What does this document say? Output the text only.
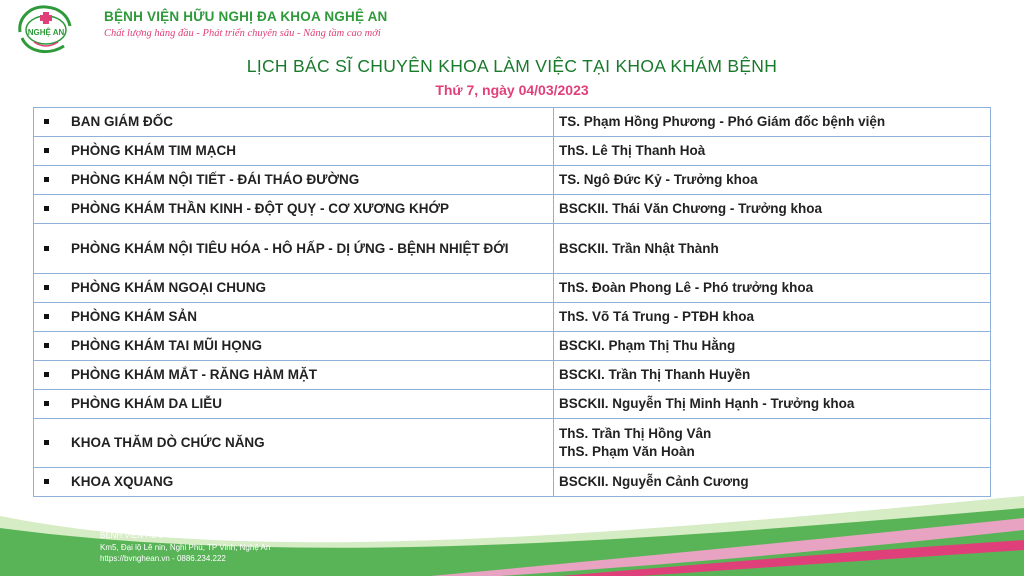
NGHỆ AN
BỆNH VIỆN HỮU NGHỊ ĐA KHOA NGHỆ AN
Chất lượng hàng đầu - Phát triển chuyên sâu - Nâng tầm cao mới
LỊCH BÁC SĨ CHUYÊN KHOA LÀM VIỆC TẠI KHOA KHÁM BỆNH
Thứ 7, ngày 04/03/2023
BAN GIÁM ĐỐC	TS. Phạm Hồng Phương - Phó Giám đốc bệnh viện

PHÒNG KHÁM TIM MẠCH	ThS. Lê Thị Thanh Hoà

PHÒNG KHÁM NỘI TIẾT - ĐÁI THÁO ĐƯỜNG	TS. Ngô Đức Kỷ - Trưởng khoa

PHÒNG KHÁM THẦN KINH - ĐỘT QUỴ - CƠ XƯƠNG KHỚP	BSCKII. Thái Văn Chương - Trưởng khoa

PHÒNG KHÁM NỘI TIÊU HÓA - HÔ HẤP - DỊ ỨNG - BỆNH NHIỆT ĐỚI	BSCKII. Trần Nhật Thành

PHÒNG KHÁM NGOẠI CHUNG	ThS. Đoàn Phong Lê - Phó trưởng khoa

PHÒNG KHÁM SẢN	ThS. Võ Tá Trung - PTĐH khoa

PHÒNG KHÁM TAI MŨI HỌNG	BSCKI. Phạm Thị Thu Hằng

PHÒNG KHÁM MẮT - RĂNG HÀM MẶT	BSCKI. Trần Thị Thanh Huyền

PHÒNG KHÁM DA LIỄU	BSCKII. Nguyễn Thị Minh Hạnh - Trưởng khoa

KHOA THĂM DÒ CHỨC NĂNG	ThS. Trần Thị Hồng Vân
ThS. Phạm Văn Hoàn

KHOA XQUANG	BSCKII. Nguyễn Cảnh Cương
BỆNH VIỆN HỮU NGHỊ ĐA KHOA NGHỆ AN
Km5, Đại lộ Lê nin, Nghi Phú, TP Vinh, Nghệ An
https://bvnghean.vn - 0886.234.222
